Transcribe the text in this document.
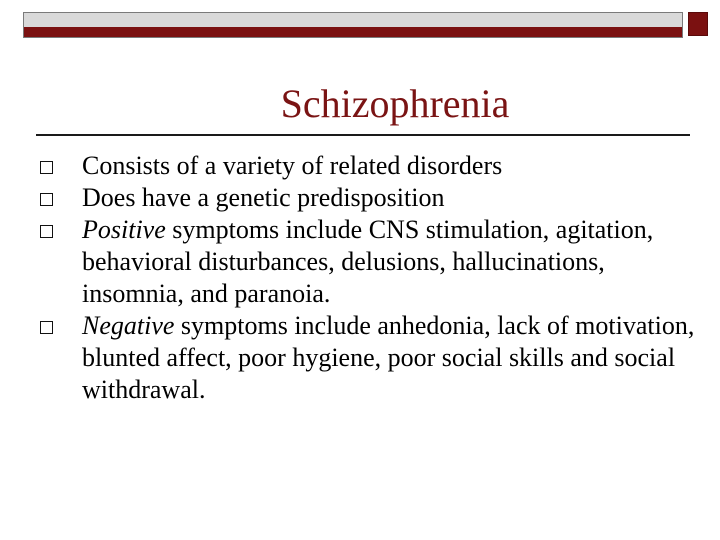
Schizophrenia
Consists of a variety of related disorders
Does have a genetic predisposition
Positive symptoms include CNS stimulation, agitation, behavioral disturbances, delusions, hallucinations, insomnia, and paranoia.
Negative symptoms include anhedonia, lack of motivation, blunted affect, poor hygiene, poor social skills and social withdrawal.
